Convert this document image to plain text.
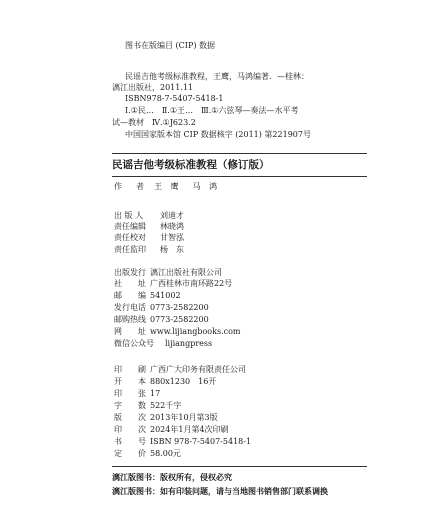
图书在版编目 (CIP) 数据
民谣吉他考级标准教程，王鹰，马鸿编著．—桂林：
漓江出版社，2011.11
ISBN978-7-5407-5418-1
Ⅰ.①民…　Ⅱ.①王…　Ⅲ.①六弦琴—奏法—水平考
试—教材　Ⅳ.①J623.2
中国国家版本馆 CIP 数据核字 (2011) 第221907号
民谣吉他考级标准教程（修订版）
作　者 王 鹰　马 鸿
出 版 人 刘迪才
责任编辑 林晓鸿
责任校对 甘智泓
责任监印 杨　东
出版发行 漓江出版社有限公司
社　　址 广西桂林市南环路22号
邮　　编 541002
发行电话 0773-2582200
邮购热线 0773-2582200
网　　址 www.lijiangbooks.com
微信公众号 lijiangpress
印　　刷 广西广大印务有限责任公司
开　　本 880x1230　16开
印　　张 17
字　　数 522千字
版　　次 2013年10月第3版
印　　次 2024年1月第4次印刷
书　　号 ISBN 978-7-5407-5418-1
定　　价 58.00元
漓江版图书：版权所有，侵权必究
漓江版图书：如有印装问题，请与当地图书销售部门联系调换
